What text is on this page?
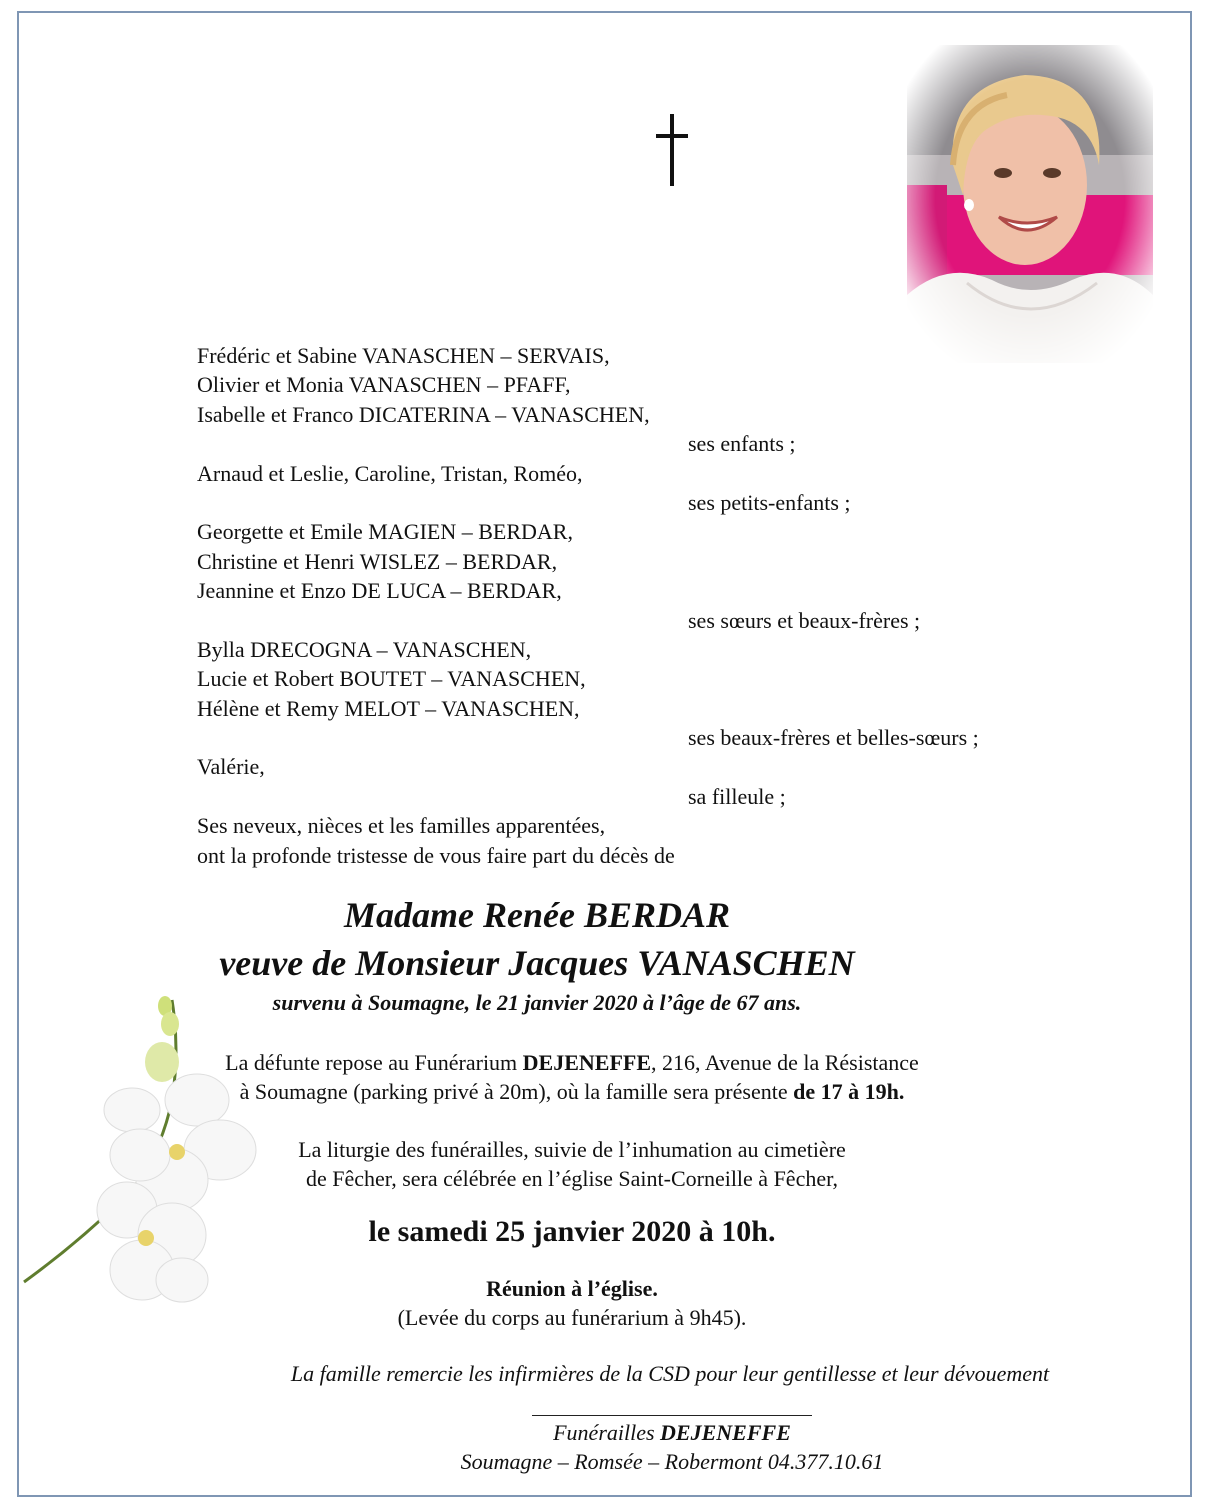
Frédéric et Sabine VANASCHEN – SERVAIS,
Olivier et Monia VANASCHEN – PFAFF,
Isabelle et Franco DICATERINA – VANASCHEN,
ses enfants ;
Arnaud et Leslie, Caroline, Tristan, Roméo,
ses petits-enfants ;
Georgette et Emile MAGIEN – BERDAR,
Christine et Henri WISLEZ – BERDAR,
Jeannine et Enzo DE LUCA – BERDAR,
ses sœurs et beaux-frères ;
Bylla DRECOGNA – VANASCHEN,
Lucie et Robert BOUTET – VANASCHEN,
Hélène et Remy MELOT – VANASCHEN,
ses beaux-frères et belles-sœurs ;
Valérie,
sa filleule ;
Ses neveux, nièces et les familles apparentées,
ont la profonde tristesse de vous faire part du décès de
Madame Renée BERDAR
veuve de Monsieur Jacques VANASCHEN
survenu à Soumagne, le 21 janvier 2020 à l’âge de 67 ans.
La défunte repose au Funérarium DEJENEFFE, 216, Avenue de la Résistance
à Soumagne (parking privé à 20m), où la famille sera présente de 17 à 19h.
La liturgie des funérailles, suivie de l’inhumation au cimetière
de Fêcher, sera célébrée en l’église Saint-Corneille à Fêcher,
le samedi 25 janvier 2020 à 10h.
Réunion à l’église.
(Levée du corps au funérarium à 9h45).
La famille remercie les infirmières de la CSD pour leur gentillesse et leur dévouement
Funérailles DEJENEFFE
Soumagne – Romsée – Robermont 04.377.10.61
